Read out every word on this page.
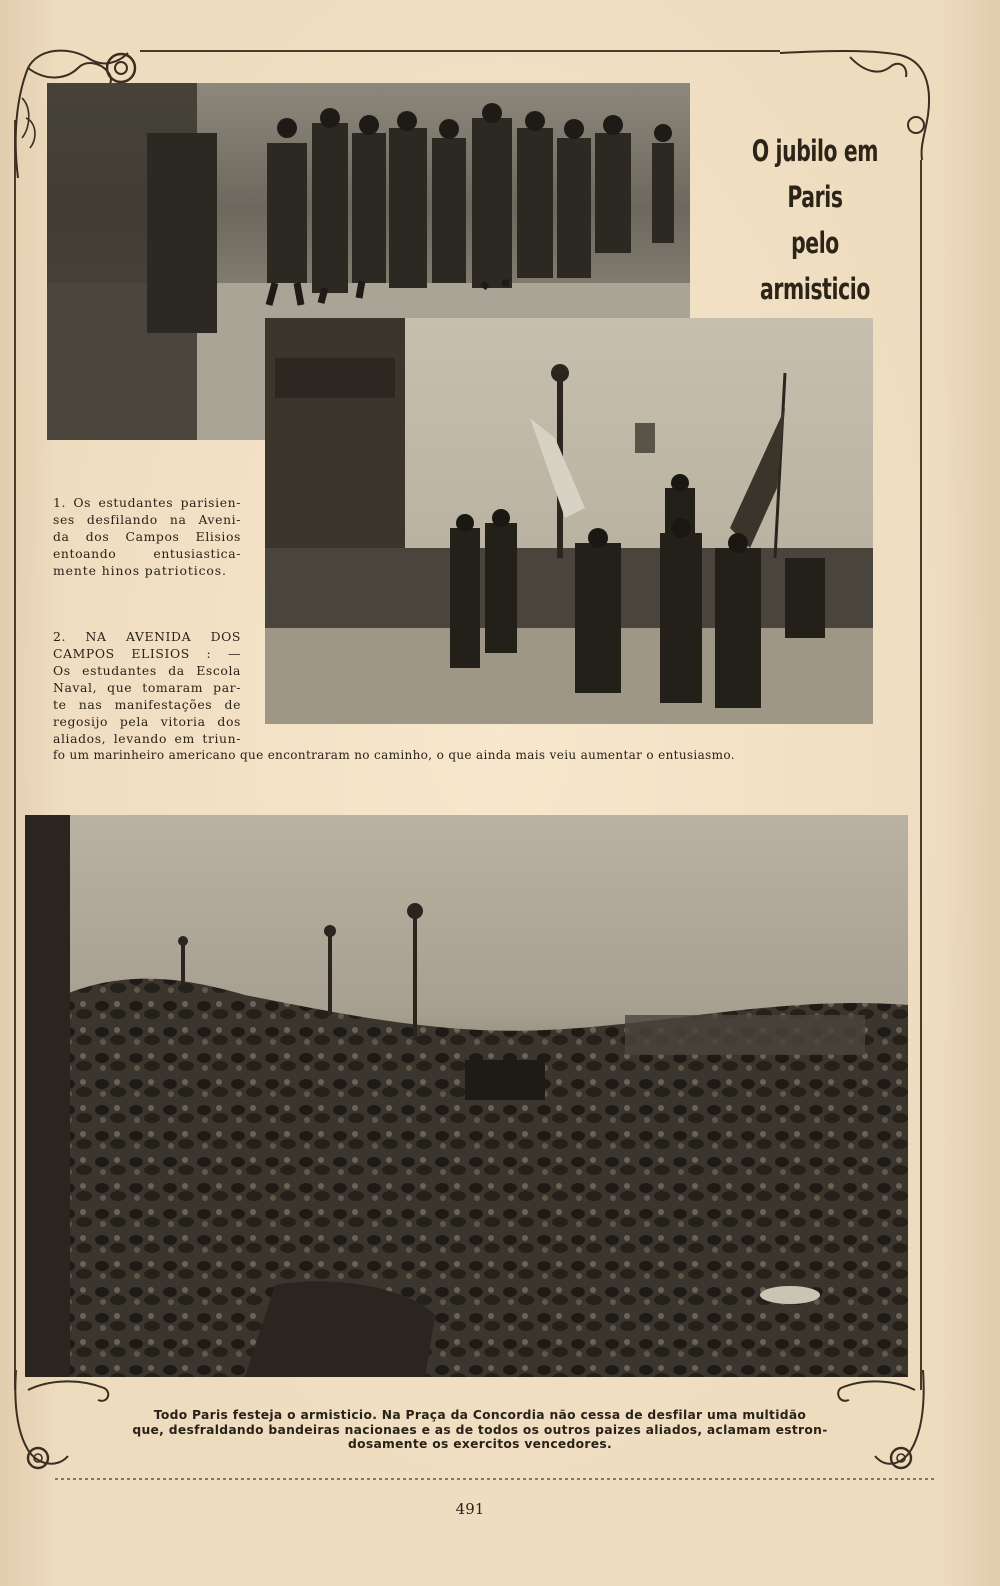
O jubilo em Paris
pelo
armisticio
1. Os estudantes parisien-
ses desfilando na Aveni-
da dos Campos Elisios
entoando entusiastica-
mente hinos patrioticos.
2. NA AVENIDA DOS
CAMPOS ELISIOS : —
Os estudantes da Escola
Naval, que tomaram par-
te nas manifestações de
regosijo pela vitoria dos
aliados, levando em triun-
fo um marinheiro americano que encontraram no caminho, o que ainda mais veiu aumentar o entusiasmo.
Todo Paris festeja o armisticio. Na Praça da Concordia não cessa de desfilar uma multidão
que, desfraldando bandeiras nacionaes e as de todos os outros paizes aliados, aclamam estron-
dosamente os exercitos vencedores.
491
